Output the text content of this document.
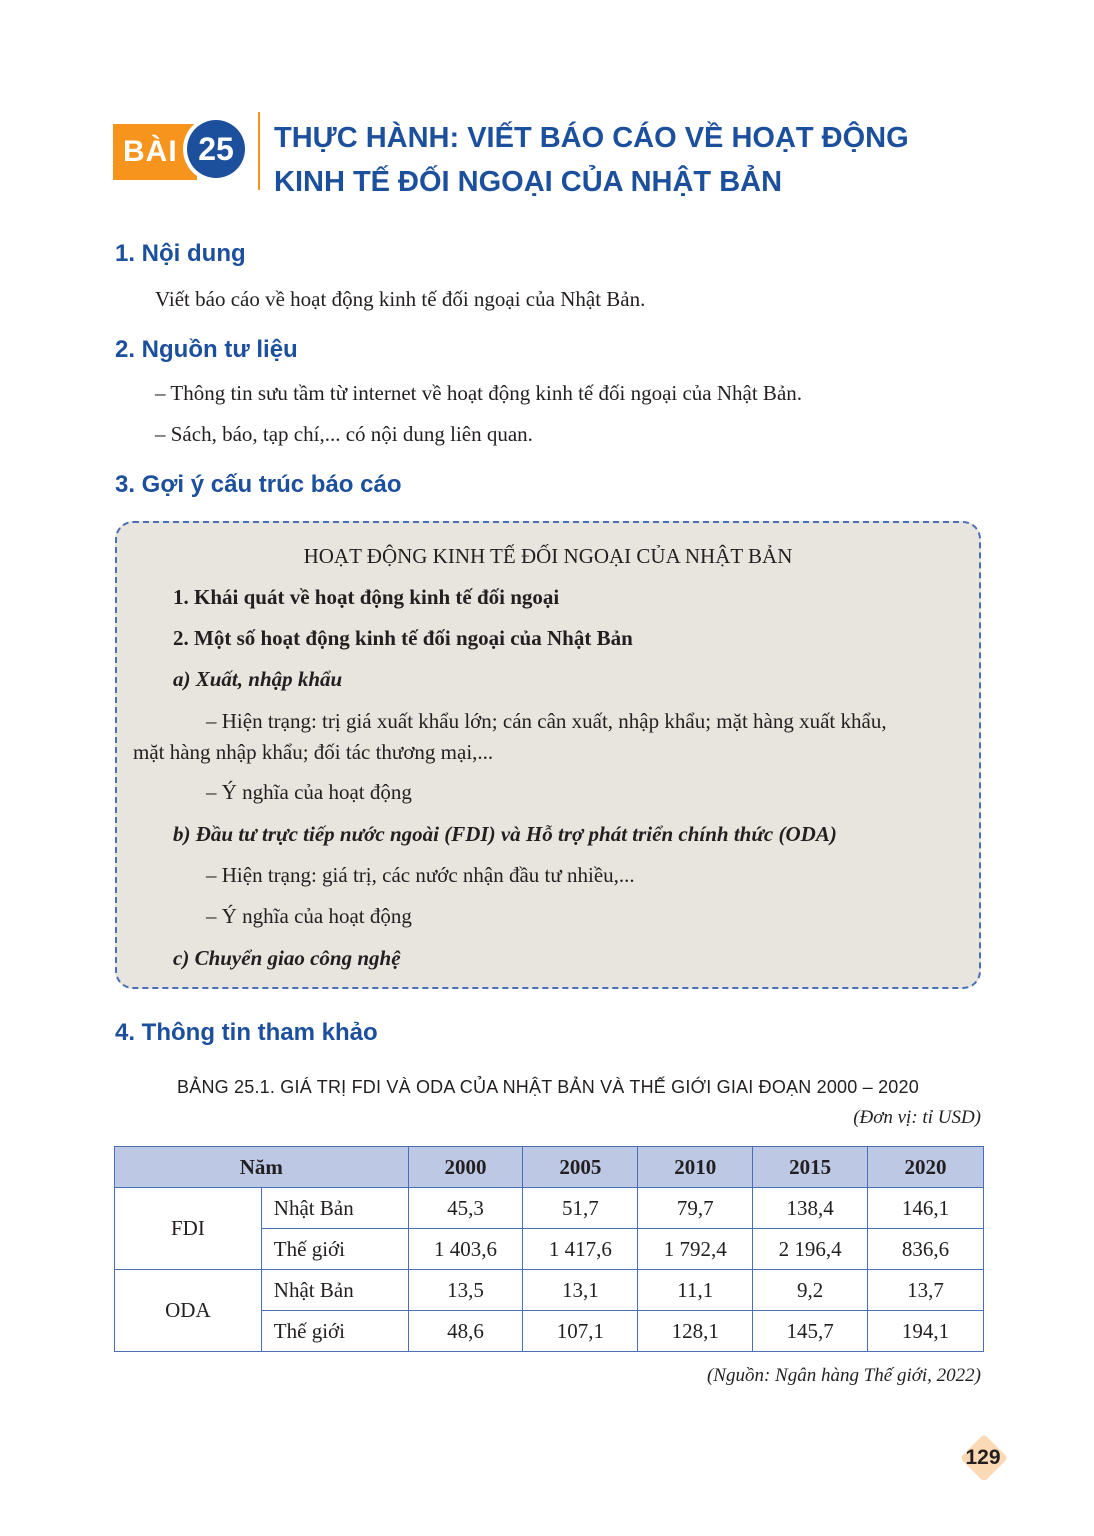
BÀI 25	THỰC HÀNH: VIẾT BÁO CÁO VỀ HOẠT ĐỘNG
KINH TẾ ĐỐI NGOẠI CỦA NHẬT BẢN
1. Nội dung
Viết báo cáo về hoạt động kinh tế đối ngoại của Nhật Bản.
2. Nguồn tư liệu
– Thông tin sưu tầm từ internet về hoạt động kinh tế đối ngoại của Nhật Bản.
– Sách, báo, tạp chí,... có nội dung liên quan.
3. Gợi ý cấu trúc báo cáo
HOẠT ĐỘNG KINH TẾ ĐỐI NGOẠI CỦA NHẬT BẢN
1. Khái quát về hoạt động kinh tế đối ngoại
2. Một số hoạt động kinh tế đối ngoại của Nhật Bản
a) Xuất, nhập khẩu
– Hiện trạng: trị giá xuất khẩu lớn; cán cân xuất, nhập khẩu; mặt hàng xuất khẩu,
mặt hàng nhập khẩu; đối tác thương mại,...
– Ý nghĩa của hoạt động
b) Đầu tư trực tiếp nước ngoài (FDI) và Hỗ trợ phát triển chính thức (ODA)
– Hiện trạng: giá trị, các nước nhận đầu tư nhiều,...
– Ý nghĩa của hoạt động
c) Chuyển giao công nghệ
4. Thông tin tham khảo
BẢNG 25.1. GIÁ TRỊ FDI VÀ ODA CỦA NHẬT BẢN VÀ THẾ GIỚI GIAI ĐOẠN 2000 – 2020
(Đơn vị: tỉ USD)
Năm		2000	2005	2010	2015	2020
FDI	Nhật Bản	45,3	51,7	79,7	138,4	146,1
	Thế giới	1 403,6	1 417,6	1 792,4	2 196,4	836,6
ODA	Nhật Bản	13,5	13,1	11,1	9,2	13,7
	Thế giới	48,6	107,1	128,1	145,7	194,1
(Nguồn: Ngân hàng Thế giới, 2022)
129
